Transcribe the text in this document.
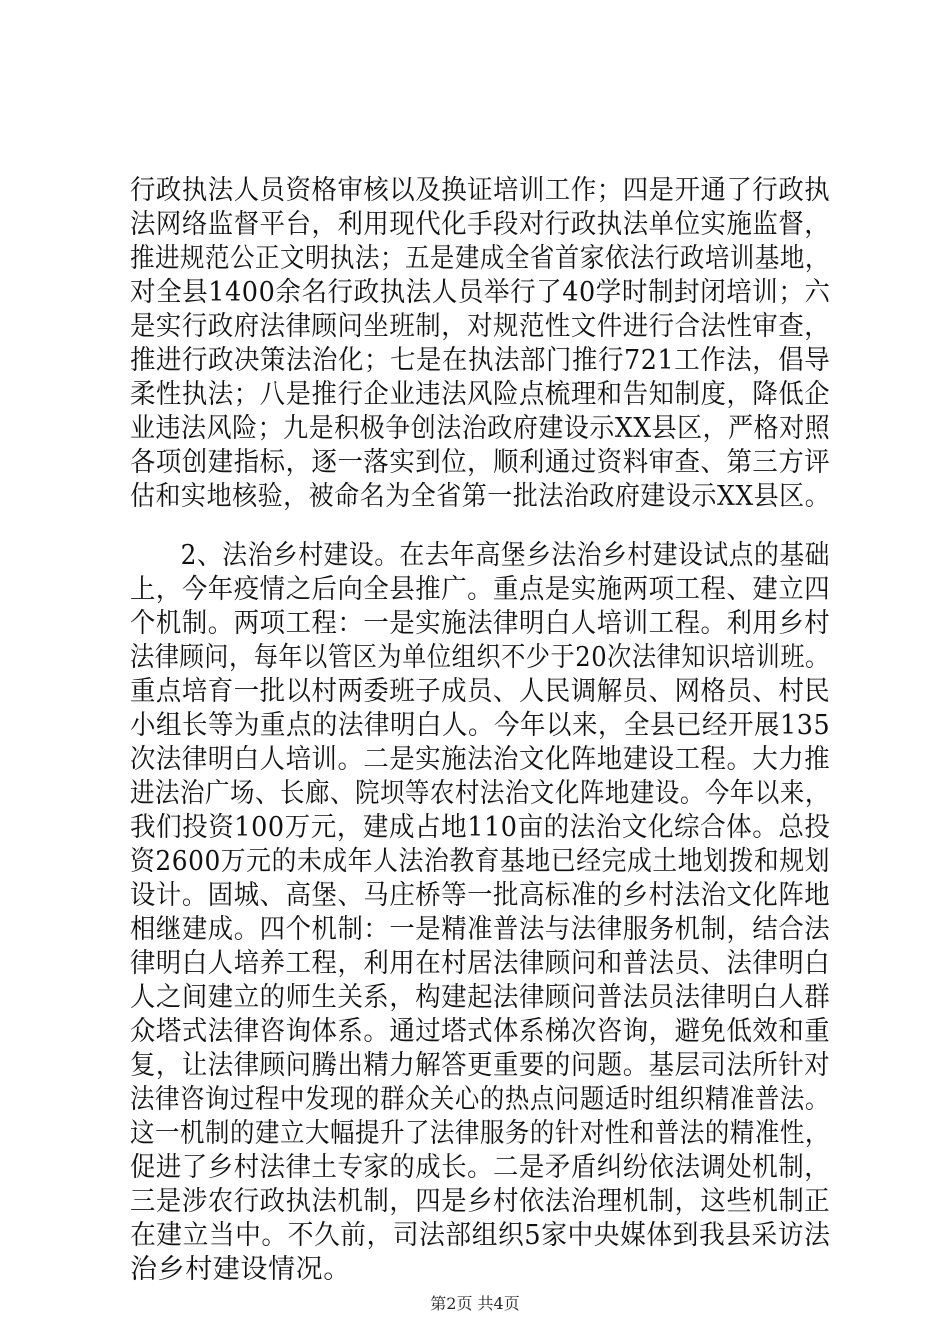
行政执法人员资格审核以及换证培训工作；四是开通了行政执
法网络监督平台，利用现代化手段对行政执法单位实施监督，
推进规范公正文明执法；五是建成全省首家依法行政培训基地，
对全县1400余名行政执法人员举行了40学时制封闭培训；六
是实行政府法律顾问坐班制，对规范性文件进行合法性审查，
推进行政决策法治化；七是在执法部门推行721工作法，倡导
柔性执法；八是推行企业违法风险点梳理和告知制度，降低企
业违法风险；九是积极争创法治政府建设示XX县区，严格对照
各项创建指标，逐一落实到位，顺利通过资料审查、第三方评
估和实地核验，被命名为全省第一批法治政府建设示XX县区。
　　2、法治乡村建设。在去年高堡乡法治乡村建设试点的基础
上，今年疫情之后向全县推广。重点是实施两项工程、建立四
个机制。两项工程：一是实施法律明白人培训工程。利用乡村
法律顾问，每年以管区为单位组织不少于20次法律知识培训班。
重点培育一批以村两委班子成员、人民调解员、网格员、村民
小组长等为重点的法律明白人。今年以来，全县已经开展135
次法律明白人培训。二是实施法治文化阵地建设工程。大力推
进法治广场、长廊、院坝等农村法治文化阵地建设。今年以来，
我们投资100万元，建成占地110亩的法治文化综合体。总投
资2600万元的未成年人法治教育基地已经完成土地划拨和规划
设计。固城、高堡、马庄桥等一批高标准的乡村法治文化阵地
相继建成。四个机制：一是精准普法与法律服务机制，结合法
律明白人培养工程，利用在村居法律顾问和普法员、法律明白
人之间建立的师生关系，构建起法律顾问普法员法律明白人群
众塔式法律咨询体系。通过塔式体系梯次咨询，避免低效和重
复，让法律顾问腾出精力解答更重要的问题。基层司法所针对
法律咨询过程中发现的群众关心的热点问题适时组织精准普法。
这一机制的建立大幅提升了法律服务的针对性和普法的精准性，
促进了乡村法律土专家的成长。二是矛盾纠纷依法调处机制，
三是涉农行政执法机制，四是乡村依法治理机制，这些机制正
在建立当中。不久前，司法部组织5家中央媒体到我县采访法
治乡村建设情况。
第2页 共4页
